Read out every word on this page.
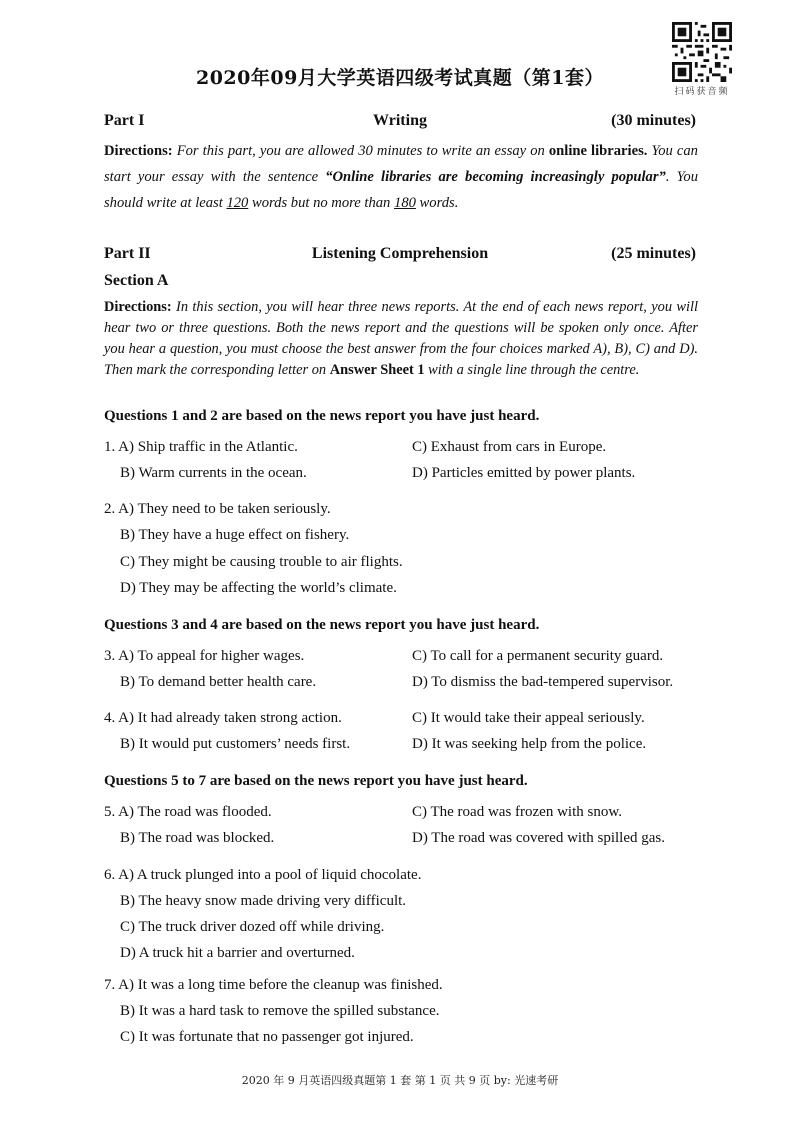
2020年09月大学英语四级考试真题（第1套）
扫码获音频
Part I	Writing	(30 minutes)
Directions: For this part, you are allowed 30 minutes to write an essay on online libraries. You can start your essay with the sentence “Online libraries are becoming increasingly popular”. You should write at least 120 words but no more than 180 words.
Part II	Listening Comprehension	(25 minutes)
Section A
Directions: In this section, you will hear three news reports. At the end of each news report, you will hear two or three questions. Both the news report and the questions will be spoken only once. After you hear a question, you must choose the best answer from the four choices marked A), B), C) and D). Then mark the corresponding letter on Answer Sheet 1 with a single line through the centre.
Questions 1 and 2 are based on the news report you have just heard.
1. A) Ship traffic in the Atlantic.	C) Exhaust from cars in Europe.
B) Warm currents in the ocean.	D) Particles emitted by power plants.
2. A) They need to be taken seriously.
B) They have a huge effect on fishery.
C) They might be causing trouble to air flights.
D) They may be affecting the world’s climate.
Questions 3 and 4 are based on the news report you have just heard.
3. A) To appeal for higher wages.	C) To call for a permanent security guard.
B) To demand better health care.	D) To dismiss the bad-tempered supervisor.
4. A) It had already taken strong action.	C) It would take their appeal seriously.
B) It would put customers’ needs first.	D) It was seeking help from the police.
Questions 5 to 7 are based on the news report you have just heard.
5. A) The road was flooded.	C) The road was frozen with snow.
B) The road was blocked.	D) The road was covered with spilled gas.
6. A) A truck plunged into a pool of liquid chocolate.
B) The heavy snow made driving very difficult.
C) The truck driver dozed off while driving.
D) A truck hit a barrier and overturned.
7. A) It was a long time before the cleanup was finished.
B) It was a hard task to remove the spilled substance.
C) It was fortunate that no passenger got injured.
2020 年 9 月英语四级真题第 1 套 第 1 页 共 9 页 by: 光速考研
